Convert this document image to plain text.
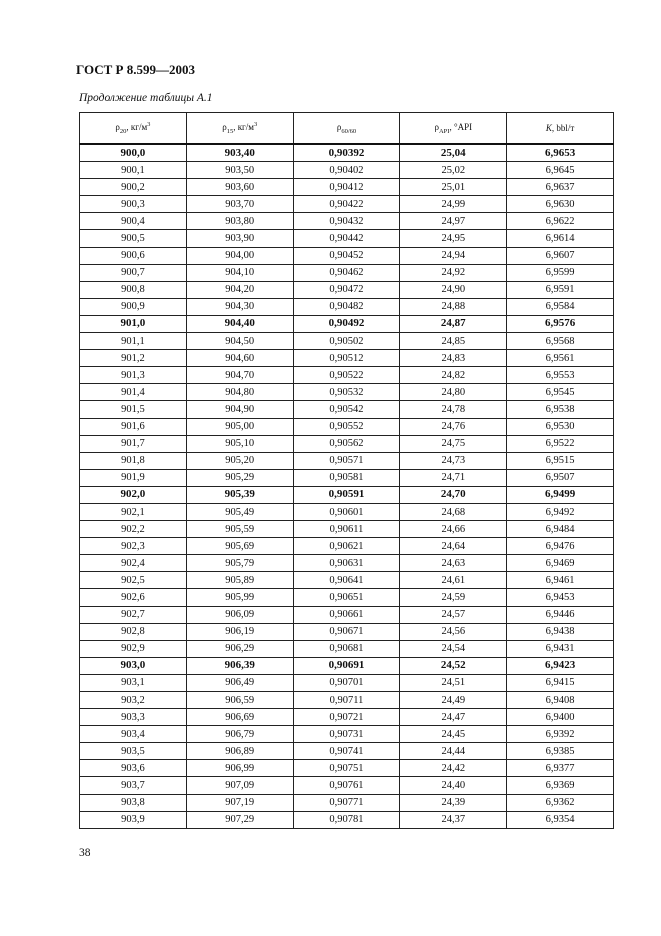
ГОСТ Р 8.599—2003
Продолжение таблицы А.1
$\rho_{20}$, $кг/м^3$	$\rho_{15}$, $кг/м^3$	$\rho_{60/60}$	$\rho_{API}$, °API	K, bbl/т
900,0	903,40	0,90392	25,04	6,9653
900,1	903,50	0,90402	25,02	6,9645
900,2	903,60	0,90412	25,01	6,9637
900,3	903,70	0,90422	24,99	6,9630
900,4	903,80	0,90432	24,97	6,9622
900,5	903,90	0,90442	24,95	6,9614
900,6	904,00	0,90452	24,94	6,9607
900,7	904,10	0,90462	24,92	6,9599
900,8	904,20	0,90472	24,90	6,9591
900,9	904,30	0,90482	24,88	6,9584
901,0	904,40	0,90492	24,87	6,9576
901,1	904,50	0,90502	24,85	6,9568
901,2	904,60	0,90512	24,83	6,9561
901,3	904,70	0,90522	24,82	6,9553
901,4	904,80	0,90532	24,80	6,9545
901,5	904,90	0,90542	24,78	6,9538
901,6	905,00	0,90552	24,76	6,9530
901,7	905,10	0,90562	24,75	6,9522
901,8	905,20	0,90571	24,73	6,9515
901,9	905,29	0,90581	24,71	6,9507
902,0	905,39	0,90591	24,70	6,9499
902,1	905,49	0,90601	24,68	6,9492
902,2	905,59	0,90611	24,66	6,9484
902,3	905,69	0,90621	24,64	6,9476
902,4	905,79	0,90631	24,63	6,9469
902,5	905,89	0,90641	24,61	6,9461
902,6	905,99	0,90651	24,59	6,9453
902,7	906,09	0,90661	24,57	6,9446
902,8	906,19	0,90671	24,56	6,9438
902,9	906,29	0,90681	24,54	6,9431
903,0	906,39	0,90691	24,52	6,9423
903,1	906,49	0,90701	24,51	6,9415
903,2	906,59	0,90711	24,49	6,9408
903,3	906,69	0,90721	24,47	6,9400
903,4	906,79	0,90731	24,45	6,9392
903,5	906,89	0,90741	24,44	6,9385
903,6	906,99	0,90751	24,42	6,9377
903,7	907,09	0,90761	24,40	6,9369
903,8	907,19	0,90771	24,39	6,9362
903,9	907,29	0,90781	24,37	6,9354
38
